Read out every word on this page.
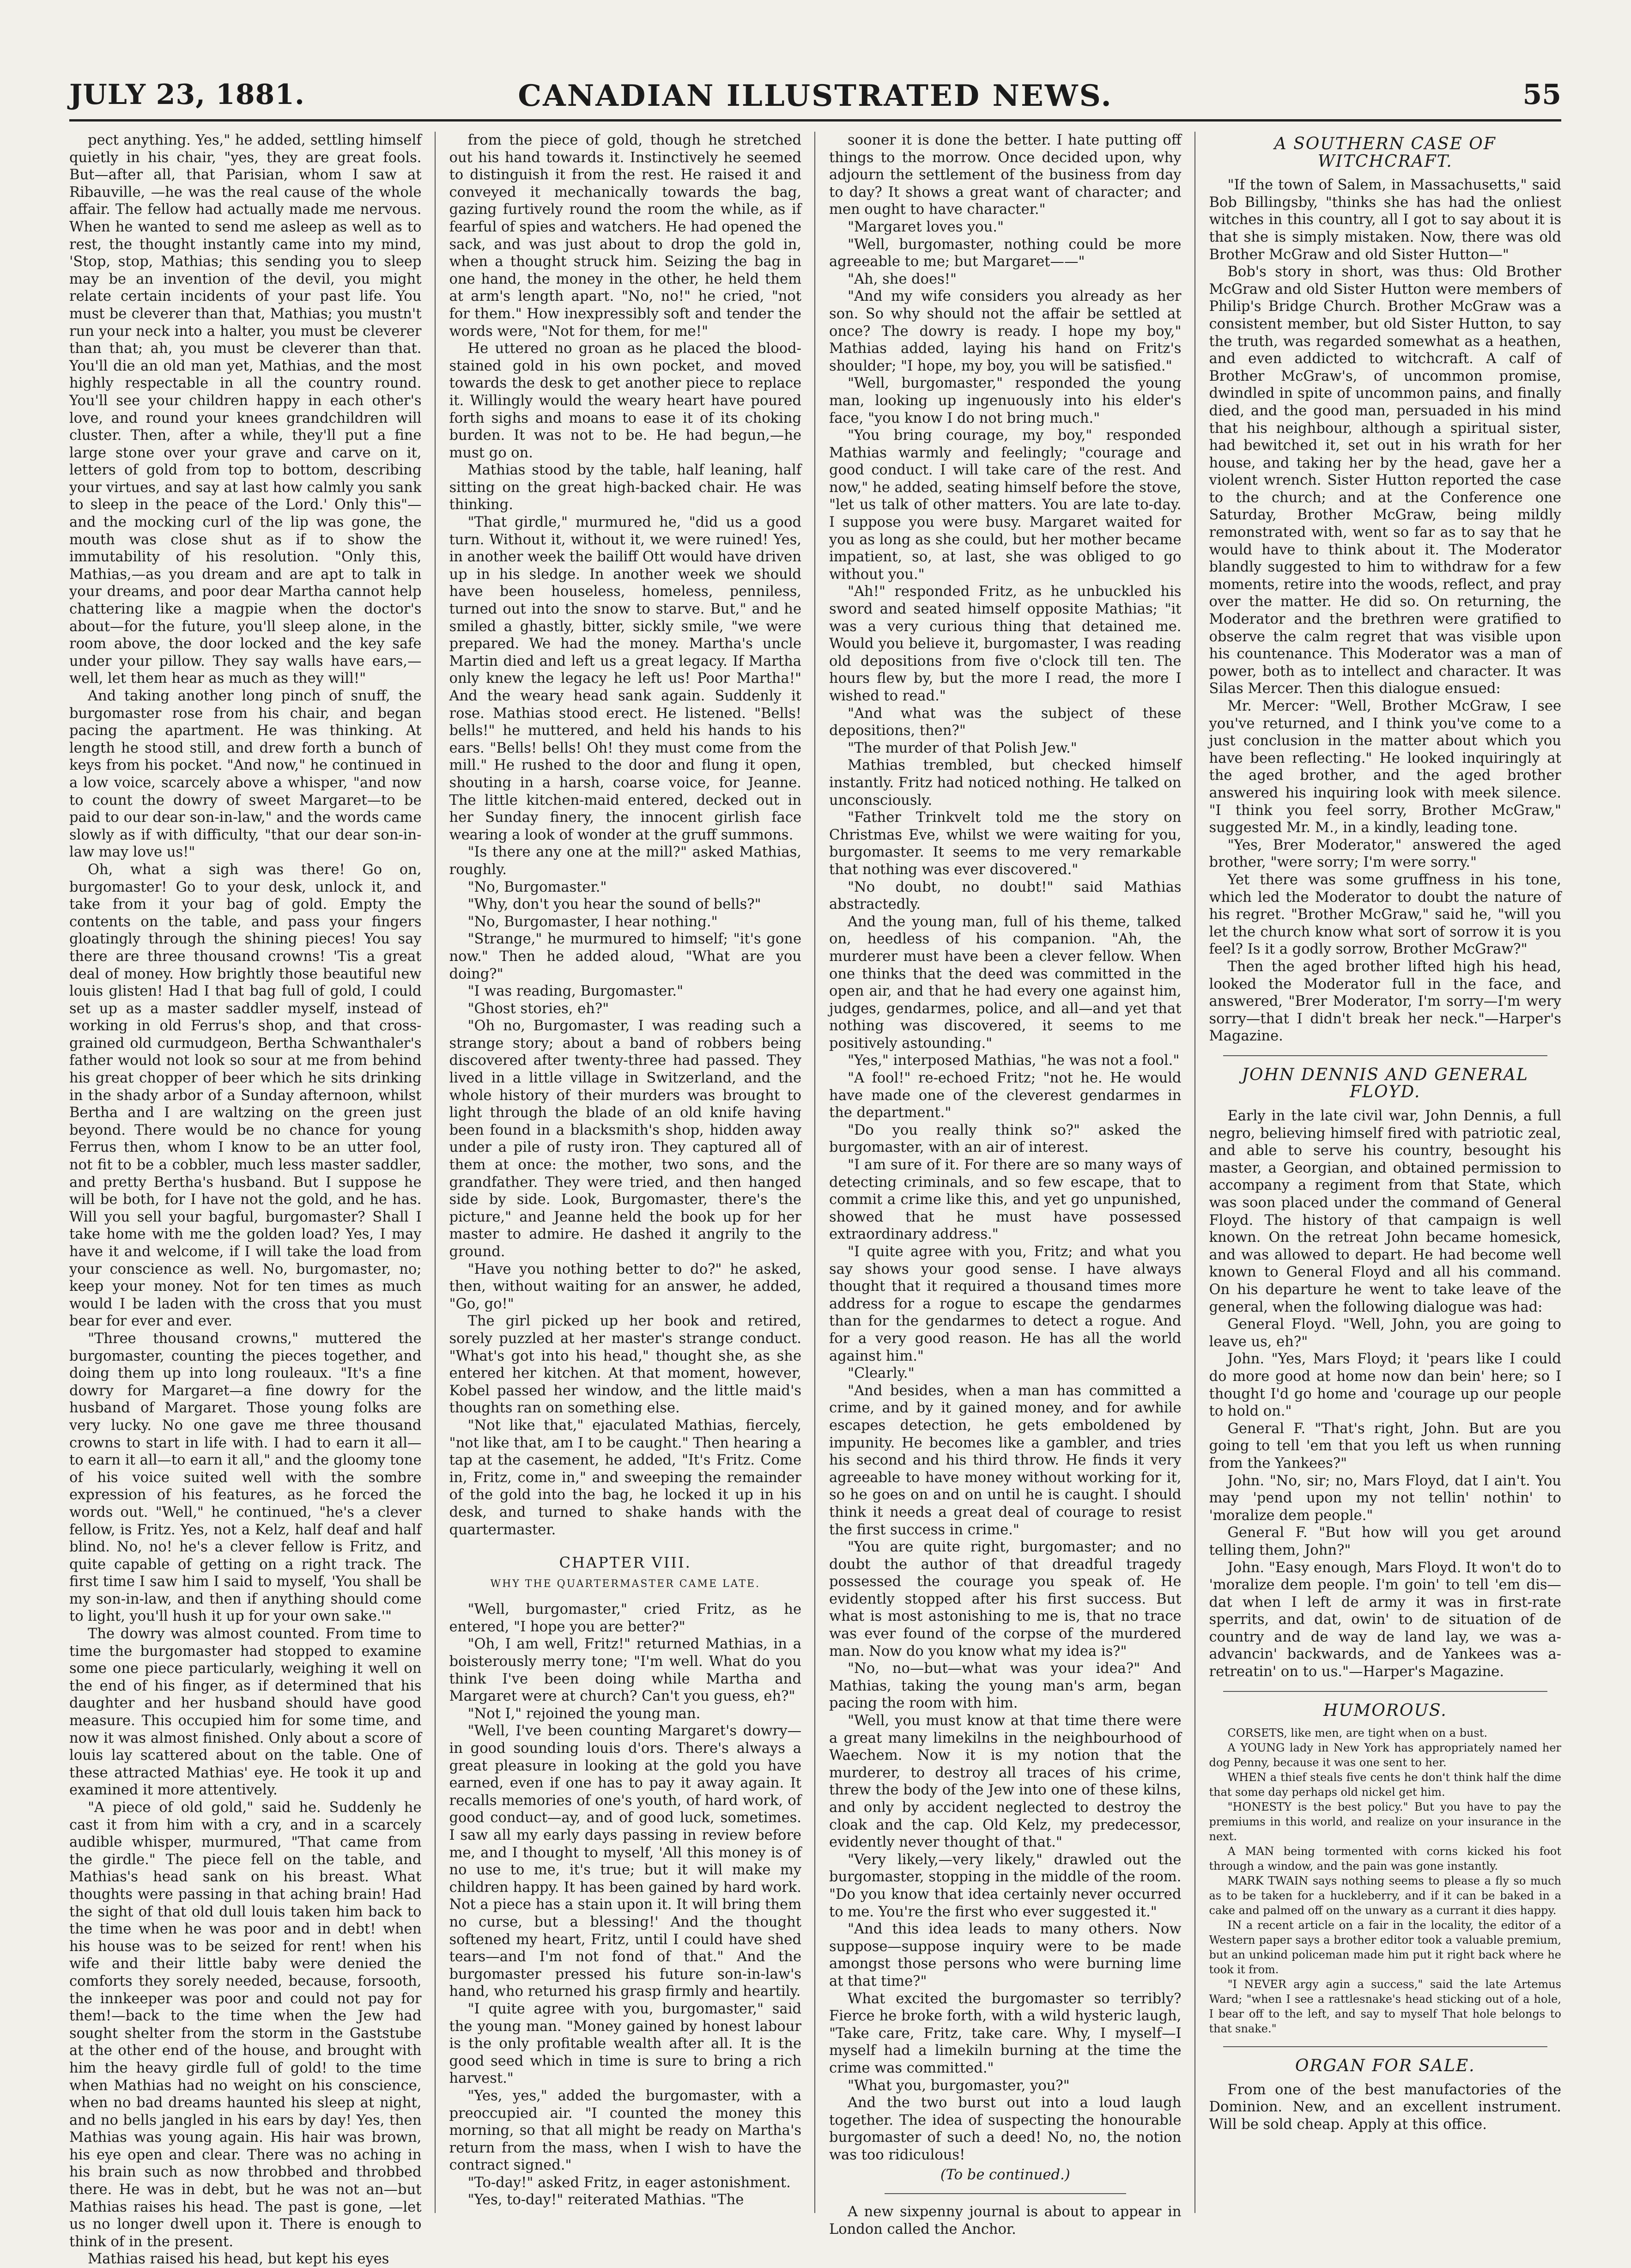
JULY 23, 1881.	CANADIAN ILLUSTRATED NEWS.	55

pect anything. Yes," he added, settling himself quietly in his chair, "yes, they are great fools. But—after all, that Parisian, whom I saw at Ribauville, —he was the real cause of the whole affair. The fellow had actually made me nervous. When he wanted to send me asleep as well as to rest, the thought instantly came into my mind, 'Stop, stop, Mathias; this sending you to sleep may be an invention of the devil, you might relate certain incidents of your past life. You must be cleverer than that, Mathias; you mustn't run your neck into a halter, you must be cleverer than that; ah, you must be cleverer than that. You'll die an old man yet, Mathias, and the most highly respectable in all the country round. You'll see your children happy in each other's love, and round your knees grandchildren will cluster. Then, after a while, they'll put a fine large stone over your grave and carve on it, letters of gold from top to bottom, describing your virtues, and say at last how calmly you sank to sleep in the peace of the Lord.' Only this"—and the mocking curl of the lip was gone, the mouth was close shut as if to show the immutability of his resolution. "Only this, Mathias,—as you dream and are apt to talk in your dreams, and poor dear Martha cannot help chattering like a magpie when the doctor's about—for the future, you'll sleep alone, in the room above, the door locked and the key safe under your pillow. They say walls have ears,—well, let them hear as much as they will!"

And taking another long pinch of snuff, the burgomaster rose from his chair, and began pacing the apartment. He was thinking. At length he stood still, and drew forth a bunch of keys from his pocket. "And now," he continued in a low voice, scarcely above a whisper, "and now to count the dowry of sweet Margaret—to be paid to our dear son-in-law," and the words came slowly as if with difficulty, "that our dear son-in-law may love us!"

Oh, what a sigh was there! Go on, burgomaster! Go to your desk, unlock it, and take from it your bag of gold. Empty the contents on the table, and pass your fingers gloatingly through the shining pieces! You say there are three thousand crowns! 'Tis a great deal of money. How brightly those beautiful new louis glisten! Had I that bag full of gold, I could set up as a master saddler myself, instead of working in old Ferrus's shop, and that cross-grained old curmudgeon, Bertha Schwanthaler's father would not look so sour at me from behind his great chopper of beer which he sits drinking in the shady arbor of a Sunday afternoon, whilst Bertha and I are waltzing on the green just beyond. There would be no chance for young Ferrus then, whom I know to be an utter fool, not fit to be a cobbler, much less master saddler, and pretty Bertha's husband. But I suppose he will be both, for I have not the gold, and he has. Will you sell your bagful, burgomaster? Shall I take home with me the golden load? Yes, I may have it and welcome, if I will take the load from your conscience as well. No, burgomaster, no; keep your money. Not for ten times as much would I be laden with the cross that you must bear for ever and ever.

"Three thousand crowns," muttered the burgomaster, counting the pieces together, and doing them up into long rouleaux. "It's a fine dowry for Margaret—a fine dowry for the husband of Margaret. Those young folks are very lucky. No one gave me three thousand crowns to start in life with. I had to earn it all—to earn it all—to earn it all," and the gloomy tone of his voice suited well with the sombre expression of his features, as he forced the words out. "Well," he continued, "he's a clever fellow, is Fritz. Yes, not a Kelz, half deaf and half blind. No, no! he's a clever fellow is Fritz, and quite capable of getting on a right track. The first time I saw him I said to myself, 'You shall be my son-in-law, and then if anything should come to light, you'll hush it up for your own sake.'"

The dowry was almost counted. From time to time the burgomaster had stopped to examine some one piece particularly, weighing it well on the end of his finger, as if determined that his daughter and her husband should have good measure. This occupied him for some time, and now it was almost finished. Only about a score of louis lay scattered about on the table. One of these attracted Mathias' eye. He took it up and examined it more attentively.

"A piece of old gold," said he. Suddenly he cast it from him with a cry, and in a scarcely audible whisper, murmured, "That came from the girdle." The piece fell on the table, and Mathias's head sank on his breast. What thoughts were passing in that aching brain! Had the sight of that old dull louis taken him back to the time when he was poor and in debt! when his house was to be seized for rent! when his wife and their little baby were denied the comforts they sorely needed, because, forsooth, the innkeeper was poor and could not pay for them!—back to the time when the Jew had sought shelter from the storm in the Gaststube at the other end of the house, and brought with him the heavy girdle full of gold! to the time when Mathias had no weight on his conscience, when no bad dreams haunted his sleep at night, and no bells jangled in his ears by day! Yes, then Mathias was young again. His hair was brown, his eye open and clear. There was no aching in his brain such as now throbbed and throbbed there. He was in debt, but he was not an—but Mathias raises his head. The past is gone, —let us no longer dwell upon it. There is enough to think of in the present.

Mathias raised his head, but kept his eyes

from the piece of gold, though he stretched out his hand towards it. Instinctively he seemed to distinguish it from the rest. He raised it and conveyed it mechanically towards the bag, gazing furtively round the room the while, as if fearful of spies and watchers. He had opened the sack, and was just about to drop the gold in, when a thought struck him. Seizing the bag in one hand, the money in the other, he held them at arm's length apart. "No, no!" he cried, "not for them." How inexpressibly soft and tender the words were, "Not for them, for me!"

He uttered no groan as he placed the blood-stained gold in his own pocket, and moved towards the desk to get another piece to replace it. Willingly would the weary heart have poured forth sighs and moans to ease it of its choking burden. It was not to be. He had begun,—he must go on.

Mathias stood by the table, half leaning, half sitting on the great high-backed chair. He was thinking.

"That girdle," murmured he, "did us a good turn. Without it, without it, we were ruined! Yes, in another week the bailiff Ott would have driven up in his sledge. In another week we should have been houseless, homeless, penniless, turned out into the snow to starve. But," and he smiled a ghastly, bitter, sickly smile, "we were prepared. We had the money. Martha's uncle Martin died and left us a great legacy. If Martha only knew the legacy he left us! Poor Martha!" And the weary head sank again. Suddenly it rose. Mathias stood erect. He listened. "Bells! bells!" he muttered, and held his hands to his ears. "Bells! bells! Oh! they must come from the mill." He rushed to the door and flung it open, shouting in a harsh, coarse voice, for Jeanne. The little kitchen-maid entered, decked out in her Sunday finery, the innocent girlish face wearing a look of wonder at the gruff summons.

"Is there any one at the mill?" asked Mathias, roughly.

"No, Burgomaster."

"Why, don't you hear the sound of bells?"

"No, Burgomaster, I hear nothing."

"Strange," he murmured to himself; "it's gone now." Then he added aloud, "What are you doing?"

"I was reading, Burgomaster."

"Ghost stories, eh?"

"Oh no, Burgomaster, I was reading such a strange story; about a band of robbers being discovered after twenty-three had passed. They lived in a little village in Switzerland, and the whole history of their murders was brought to light through the blade of an old knife having been found in a blacksmith's shop, hidden away under a pile of rusty iron. They captured all of them at once: the mother, two sons, and the grandfather. They were tried, and then hanged side by side. Look, Burgomaster, there's the picture," and Jeanne held the book up for her master to admire. He dashed it angrily to the ground.

"Have you nothing better to do?" he asked, then, without waiting for an answer, he added, "Go, go!"

The girl picked up her book and retired, sorely puzzled at her master's strange conduct. "What's got into his head," thought she, as she entered her kitchen. At that moment, however, Kobel passed her window, and the little maid's thoughts ran on something else.

"Not like that," ejaculated Mathias, fiercely, "not like that, am I to be caught." Then hearing a tap at the casement, he added, "It's Fritz. Come in, Fritz, come in," and sweeping the remainder of the gold into the bag, he locked it up in his desk, and turned to shake hands with the quartermaster.

CHAPTER VIII.
WHY THE QUARTERMASTER CAME LATE.

"Well, burgomaster," cried Fritz, as he entered, "I hope you are better?"

"Oh, I am well, Fritz!" returned Mathias, in a boisterously merry tone; "I'm well. What do you think I've been doing while Martha and Margaret were at church? Can't you guess, eh?"

"Not I," rejoined the young man.

"Well, I've been counting Margaret's dowry—in good sounding louis d'ors. There's always a great pleasure in looking at the gold you have earned, even if one has to pay it away again. It recalls memories of one's youth, of hard work, of good conduct—ay, and of good luck, sometimes. I saw all my early days passing in review before me, and I thought to myself, 'All this money is of no use to me, it's true; but it will make my children happy. It has been gained by hard work. Not a piece has a stain upon it. It will bring them no curse, but a blessing!' And the thought softened my heart, Fritz, until I could have shed tears—and I'm not fond of that." And the burgomaster pressed his future son-in-law's hand, who returned his grasp firmly and heartily.

"I quite agree with you, burgomaster," said the young man. "Money gained by honest labour is the only profitable wealth after all. It is the good seed which in time is sure to bring a rich harvest."

"Yes, yes," added the burgomaster, with a preoccupied air. "I counted the money this morning, so that all might be ready on Martha's return from the mass, when I wish to have the contract signed."

"To-day!" asked Fritz, in eager astonishment.

"Yes, to-day!" reiterated Mathias. "The

sooner it is done the better. I hate putting off things to the morrow. Once decided upon, why adjourn the settlement of the business from day to day? It shows a great want of character; and men ought to have character."

"Margaret loves you."

"Well, burgomaster, nothing could be more agreeable to me; but Margaret——"

"Ah, she does!"

"And my wife considers you already as her son. So why should not the affair be settled at once? The dowry is ready. I hope my boy," Mathias added, laying his hand on Fritz's shoulder; "I hope, my boy, you will be satisfied."

"Well, burgomaster," responded the young man, looking up ingenuously into his elder's face, "you know I do not bring much."

"You bring courage, my boy," responded Mathias warmly and feelingly; "courage and good conduct. I will take care of the rest. And now," he added, seating himself before the stove, "let us talk of other matters. You are late to-day. I suppose you were busy. Margaret waited for you as long as she could, but her mother became impatient, so, at last, she was obliged to go without you."

"Ah!" responded Fritz, as he unbuckled his sword and seated himself opposite Mathias; "it was a very curious thing that detained me. Would you believe it, burgomaster, I was reading old depositions from five o'clock till ten. The hours flew by, but the more I read, the more I wished to read."

"And what was the subject of these depositions, then?"

"The murder of that Polish Jew."

Mathias trembled, but checked himself instantly. Fritz had noticed nothing. He talked on unconsciously.

"Father Trinkvelt told me the story on Christmas Eve, whilst we were waiting for you, burgomaster. It seems to me very remarkable that nothing was ever discovered."

"No doubt, no doubt!" said Mathias abstractedly.

And the young man, full of his theme, talked on, heedless of his companion. "Ah, the murderer must have been a clever fellow. When one thinks that the deed was committed in the open air, and that he had every one against him, judges, gendarmes, police, and all—and yet that nothing was discovered, it seems to me positively astounding."

"Yes," interposed Mathias, "he was not a fool."

"A fool!" re-echoed Fritz; "not he. He would have made one of the cleverest gendarmes in the department."

"Do you really think so?" asked the burgomaster, with an air of interest.

"I am sure of it. For there are so many ways of detecting criminals, and so few escape, that to commit a crime like this, and yet go unpunished, showed that he must have possessed extraordinary address."

"I quite agree with you, Fritz; and what you say shows your good sense. I have always thought that it required a thousand times more address for a rogue to escape the gendarmes than for the gendarmes to detect a rogue. And for a very good reason. He has all the world against him."

"Clearly."

"And besides, when a man has committed a crime, and by it gained money, and for awhile escapes detection, he gets emboldened by impunity. He becomes like a gambler, and tries his second and his third throw. He finds it very agreeable to have money without working for it, so he goes on and on until he is caught. I should think it needs a great deal of courage to resist the first success in crime."

"You are quite right, burgomaster; and no doubt the author of that dreadful tragedy possessed the courage you speak of. He evidently stopped after his first success. But what is most astonishing to me is, that no trace was ever found of the corpse of the murdered man. Now do you know what my idea is?"

"No, no—but—what was your idea?" And Mathias, taking the young man's arm, began pacing the room with him.

"Well, you must know at that time there were a great many limekilns in the neighbourhood of Waechem. Now it is my notion that the murderer, to destroy all traces of his crime, threw the body of the Jew into one of these kilns, and only by accident neglected to destroy the cloak and the cap. Old Kelz, my predecessor, evidently never thought of that."

"Very likely,—very likely," drawled out the burgomaster, stopping in the middle of the room. "Do you know that idea certainly never occurred to me. You're the first who ever suggested it."

"And this idea leads to many others. Now suppose—suppose inquiry were to be made amongst those persons who were burning lime at that time?"

What excited the burgomaster so terribly? Fierce he broke forth, with a wild hysteric laugh, "Take care, Fritz, take care. Why, I myself—I myself had a limekiln burning at the time the crime was committed."

"What you, burgomaster, you?"

And the two burst out into a loud laugh together. The idea of suspecting the honourable burgomaster of such a deed! No, no, the notion was too ridiculous!

(To be continued.)

A new sixpenny journal is about to appear in London called the Anchor.

A SOUTHERN CASE OF WITCHCRAFT.

"If the town of Salem, in Massachusetts," said Bob Billingsby, "thinks she has had the onliest witches in this country, all I got to say about it is that she is simply mistaken. Now, there was old Brother McGraw and old Sister Hutton—"

Bob's story in short, was thus: Old Brother McGraw and old Sister Hutton were members of Philip's Bridge Church. Brother McGraw was a consistent member, but old Sister Hutton, to say the truth, was regarded somewhat as a heathen, and even addicted to witchcraft. A calf of Brother McGraw's, of uncommon promise, dwindled in spite of uncommon pains, and finally died, and the good man, persuaded in his mind that his neighbour, although a spiritual sister, had bewitched it, set out in his wrath for her house, and taking her by the head, gave her a violent wrench. Sister Hutton reported the case to the church; and at the Conference one Saturday, Brother McGraw, being mildly remonstrated with, went so far as to say that he would have to think about it. The Moderator blandly suggested to him to withdraw for a few moments, retire into the woods, reflect, and pray over the matter. He did so. On returning, the Moderator and the brethren were gratified to observe the calm regret that was visible upon his countenance. This Moderator was a man of power, both as to intellect and character. It was Silas Mercer. Then this dialogue ensued:

Mr. Mercer: "Well, Brother McGraw, I see you've returned, and I think you've come to a just conclusion in the matter about which you have been reflecting." He looked inquiringly at the aged brother, and the aged brother answered his inquiring look with meek silence. "I think you feel sorry, Brother McGraw," suggested Mr. M., in a kindly, leading tone.

"Yes, Brer Moderator," answered the aged brother, "were sorry; I'm were sorry."

Yet there was some gruffness in his tone, which led the Moderator to doubt the nature of his regret. "Brother McGraw," said he, "will you let the church know what sort of sorrow it is you feel? Is it a godly sorrow, Brother McGraw?"

Then the aged brother lifted high his head, looked the Moderator full in the face, and answered, "Brer Moderator, I'm sorry—I'm wery sorry—that I didn't break her neck."—Harper's Magazine.

JOHN DENNIS AND GENERAL FLOYD.

Early in the late civil war, John Dennis, a full negro, believing himself fired with patriotic zeal, and able to serve his country, besought his master, a Georgian, and obtained permission to accompany a regiment from that State, which was soon placed under the command of General Floyd. The history of that campaign is well known. On the retreat John became homesick, and was allowed to depart. He had become well known to General Floyd and all his command. On his departure he went to take leave of the general, when the following dialogue was had:

General Floyd. "Well, John, you are going to leave us, eh?"

John. "Yes, Mars Floyd; it 'pears like I could do more good at home now dan bein' here; so I thought I'd go home and 'courage up our people to hold on."

General F. "That's right, John. But are you going to tell 'em that you left us when running from the Yankees?"

John. "No, sir; no, Mars Floyd, dat I ain't. You may 'pend upon my not tellin' nothin' to 'moralize dem people."

General F. "But how will you get around telling them, John?"

John. "Easy enough, Mars Floyd. It won't do to 'moralize dem people. I'm goin' to tell 'em dis—dat when I left de army it was in first-rate sperrits, and dat, owin' to de situation of de country and de way de land lay, we was a-advancin' backwards, and de Yankees was a-retreatin' on to us."—Harper's Magazine.

HUMOROUS.

CORSETS, like men, are tight when on a bust.

A YOUNG lady in New York has appropriately named her dog Penny, because it was one sent to her.

WHEN a thief steals five cents he don't think half the dime that some day perhaps old nickel get him.

"HONESTY is the best policy." But you have to pay the premiums in this world, and realize on your insurance in the next.

A MAN being tormented with corns kicked his foot through a window, and the pain was gone instantly.

MARK TWAIN says nothing seems to please a fly so much as to be taken for a huckleberry, and if it can be baked in a cake and palmed off on the unwary as a currant it dies happy.

IN a recent article on a fair in the locality, the editor of a Western paper says a brother editor took a valuable premium, but an unkind policeman made him put it right back where he took it from.

"I NEVER argy agin a success," said the late Artemus Ward; "when I see a rattlesnake's head sticking out of a hole, I bear off to the left, and say to myself That hole belongs to that snake."

ORGAN FOR SALE.

From one of the best manufactories of the Dominion. New, and an excellent instrument. Will be sold cheap. Apply at this office.
